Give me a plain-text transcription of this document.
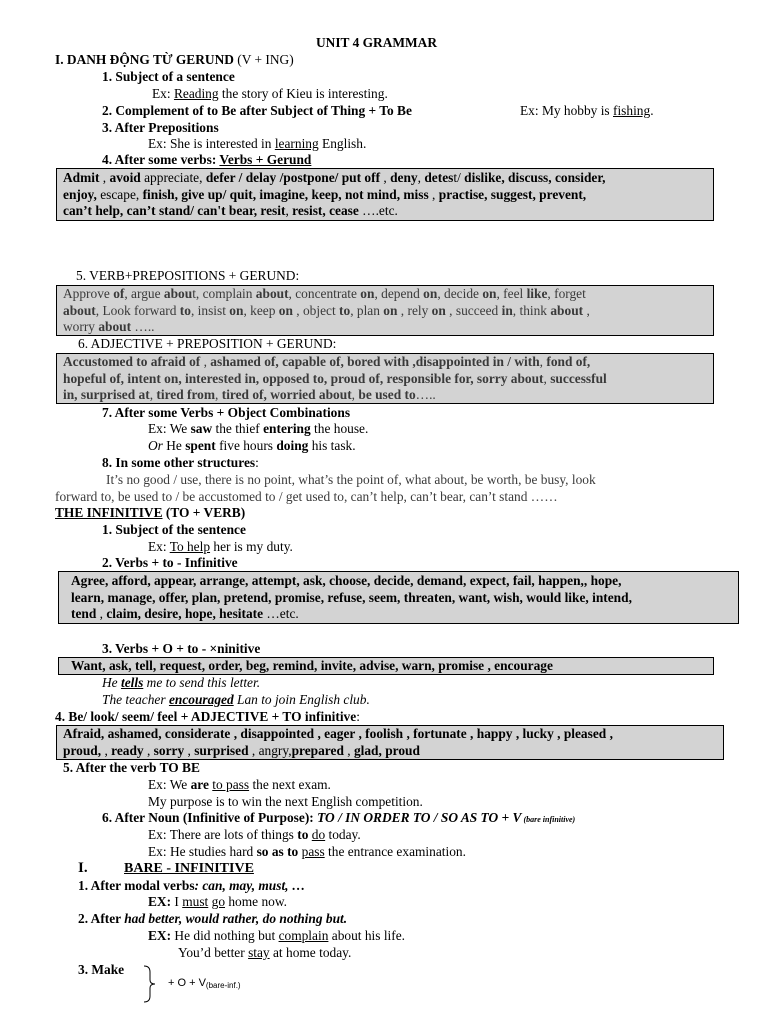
UNIT 4 GRAMMAR
I. DANH ĐỘNG TỪ GERUND (V + ING)
1. Subject of a sentence
Ex: Reading the story of Kieu is interesting.
2. Complement of to Be after Subject of Thing + To Be	Ex: My hobby is fishing.
3. After Prepositions
Ex: She is interested in learning English.
4. After some verbs: Verbs + Gerund
Admit , avoid appreciate, defer / delay /postpone/ put off , deny, detest/ dislike, discuss, consider,
enjoy, escape, finish, give up/ quit, imagine, keep, not mind, miss , practise, suggest, prevent,
can’t help, can’t stand/ can't bear, resit, resist, cease ….etc.
5. VERB+PREPOSITIONS + GERUND:
Approve of, argue about, complain about, concentrate on, depend on, decide on, feel like, forget
about, Look forward to, insist on, keep on , object to, plan on , rely on , succeed in, think about ,
worry about …..
6. ADJECTIVE + PREPOSITION + GERUND:
Accustomed to afraid of , ashamed of, capable of, bored with ,disappointed in / with, fond of,
hopeful of, intent on, interested in, opposed to, proud of, responsible for, sorry about, successful
in, surprised at, tired from, tired of, worried about, be used to…..
7. After some Verbs + Object Combinations
Ex: We saw the thief entering the house.
Or He spent five hours doing his task.
8. In some other structures:
It’s no good / use, there is no point, what’s the point of, what about, be worth, be busy, look
forward to, be used to / be accustomed to / get used to, can’t help, can’t bear, can’t stand ……
THE INFINITIVE (TO + VERB)
1. Subject of the sentence
Ex: To help her is my duty.
2. Verbs + to - Infinitive
Agree, afford, appear, arrange, attempt, ask, choose, decide, demand, expect, fail, happen,, hope,
learn, manage, offer, plan, pretend, promise, refuse, seem, threaten, want, wish, would like, intend,
tend , claim, desire, hope, hesitate …etc.
3. Verbs + O + to - ×ninitive
Want, ask, tell, request, order, beg, remind, invite, advise, warn, promise , encourage
He tells me to send this letter.
The teacher encouraged Lan to join English club.
4. Be/ look/ seem/ feel + ADJECTIVE + TO infinitive:
Afraid, ashamed, considerate , disappointed , eager , foolish , fortunate , happy , lucky , pleased ,
proud, , ready , sorry , surprised , angry,prepared , glad, proud
5. After the verb TO BE
Ex: We are to pass the next exam.
My purpose is to win the next English competition.
6. After Noun (Infinitive of Purpose): TO / IN ORDER TO / SO AS TO + V (bare infinitive)
Ex: There are lots of things to do today.
Ex: He studies hard so as to pass the entrance examination.
I.	BARE - INFINITIVE
1. After modal verbs: can, may, must, …
EX: I must go home now.
2. After had better, would rather, do nothing but.
EX: He did nothing but complain about his life.
You’d better stay at home today.
3. Make
+ $O + V_{(bare-inf.)}$
